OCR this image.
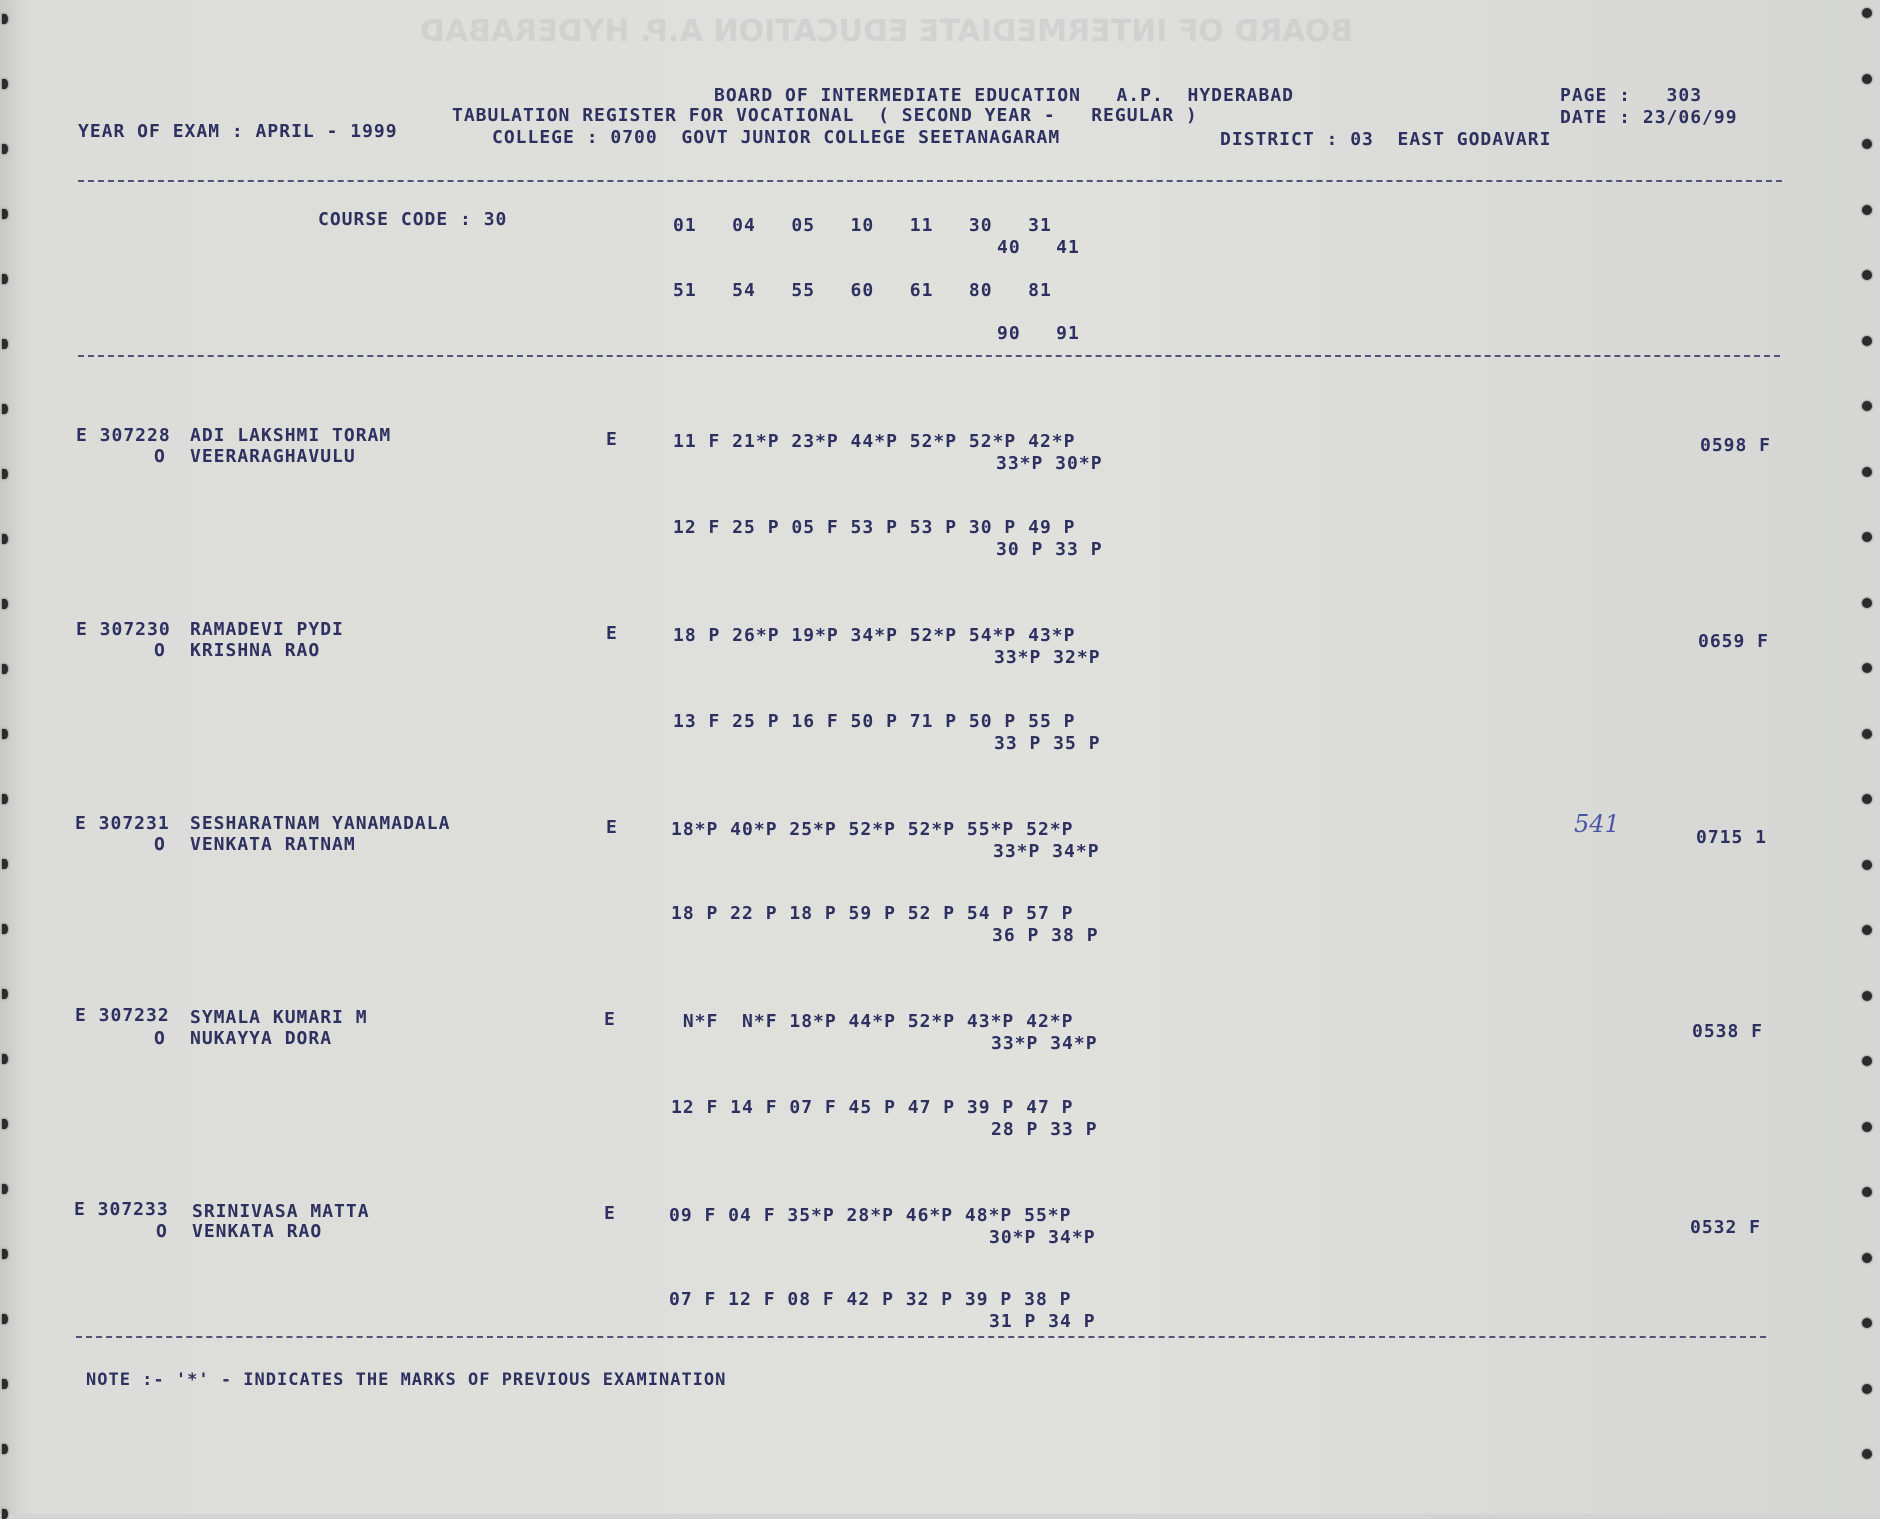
BOARD OF INTERMEDIATE EDUCATION A.P. HYDERABAD
YEAR OF EXAM : APRIL - 1999
BOARD OF INTERMEDIATE EDUCATION   A.P.  HYDERABAD
TABULATION REGISTER FOR VOCATIONAL  ( SECOND YEAR -   REGULAR )
COLLEGE : 0700  GOVT JUNIOR COLLEGE SEETANAGARAM	DISTRICT : 03  EAST GODAVARI
PAGE :   303
DATE : 23/06/99
COURSE CODE : 30	01   04   05   10   11   30   31
40   41
51   54   55   60   61   80   81
90   91
E 307228 ADI LAKSHMI TORAM
O VEERARAGHAVULU
E	11 F 21*P 23*P 44*P 52*P 52*P 42*P
33*P 30*P
12 F 25 P 05 F 53 P 53 P 30 P 49 P
30 P 33 P
0598 F
E 307230 RAMADEVI PYDI
O KRISHNA RAO
E	18 P 26*P 19*P 34*P 52*P 54*P 43*P
33*P 32*P
13 F 25 P 16 F 50 P 71 P 50 P 55 P
33 P 35 P
0659 F
E 307231 SESHARATNAM YANAMADALA
O VENKATA RATNAM
E	18*P 40*P 25*P 52*P 52*P 55*P 52*P
33*P 34*P
18 P 22 P 18 P 59 P 52 P 54 P 57 P
36 P 38 P
541	0715 1
E 307232 SYMALA KUMARI M
O NUKAYYA DORA
E	N*F  N*F 18*P 44*P 52*P 43*P 42*P
33*P 34*P
12 F 14 F 07 F 45 P 47 P 39 P 47 P
28 P 33 P
0538 F
E 307233 SRINIVASA MATTA
O VENKATA RAO
E	09 F 04 F 35*P 28*P 46*P 48*P 55*P
30*P 34*P
07 F 12 F 08 F 42 P 32 P 39 P 38 P
31 P 34 P
0532 F
NOTE :- '*' - INDICATES THE MARKS OF PREVIOUS EXAMINATION
